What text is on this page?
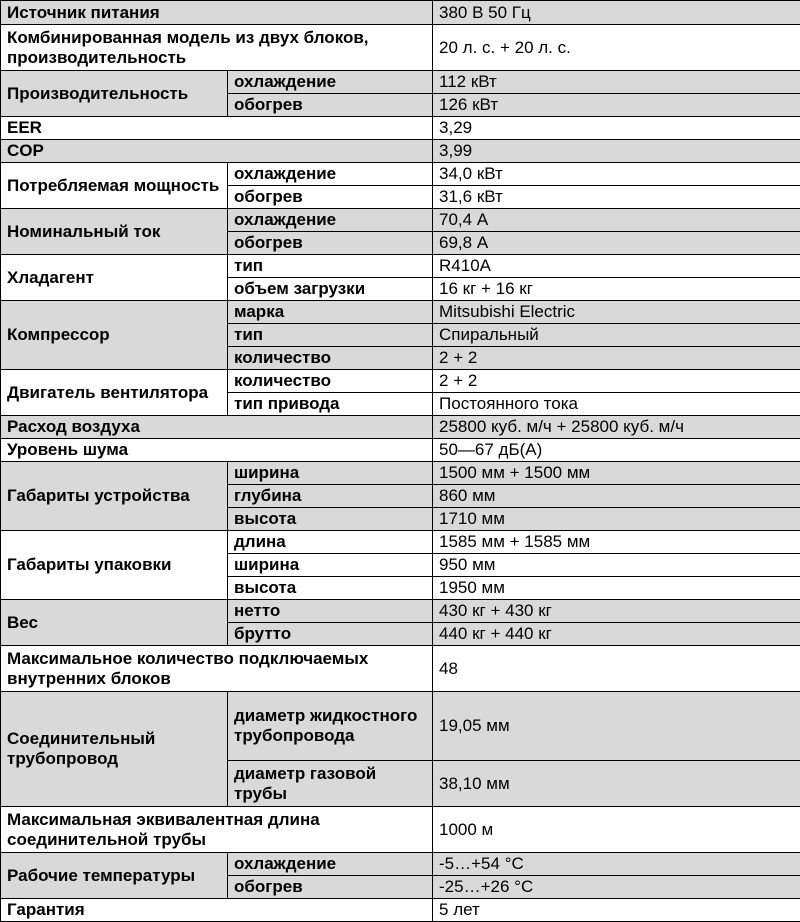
Источник питания		380 В 50 Гц
Комбинированная модель из двух блоков, производительность		20 л. с. + 20 л. с.
Производительность	охлаждение	112 кВт
	обогрев	126 кВт
EER		3,29
COP		3,99
Потребляемая мощность	охлаждение	34,0 кВт
	обогрев	31,6 кВт
Номинальный ток	охлаждение	70,4 А
	обогрев	69,8 А
Хладагент	тип	R410A
	объем загрузки	16 кг + 16 кг
Компрессор	марка	Mitsubishi Electric
	тип	Спиральный
	количество	2 + 2
Двигатель вентилятора	количество	2 + 2
	тип привода	Постоянного тока
Расход воздуха		25800 куб. м/ч + 25800 куб. м/ч
Уровень шума		50—67 дБ(А)
Габариты устройства	ширина	1500 мм + 1500 мм
	глубина	860 мм
	высота	1710 мм
Габариты упаковки	длина	1585 мм + 1585 мм
	ширина	950 мм
	высота	1950 мм
Вес	нетто	430 кг + 430 кг
	брутто	440 кг + 440 кг
Максимальное количество подключаемых внутренних блоков		48
Соединительный трубопровод	диаметр жидкостного трубопровода	19,05 мм
	диаметр газовой трубы	38,10 мм
Максимальная эквивалентная длина соединительной трубы		1000 м
Рабочие температуры	охлаждение	-5…+54 °С
	обогрев	-25…+26 °С
Гарантия		5 лет
